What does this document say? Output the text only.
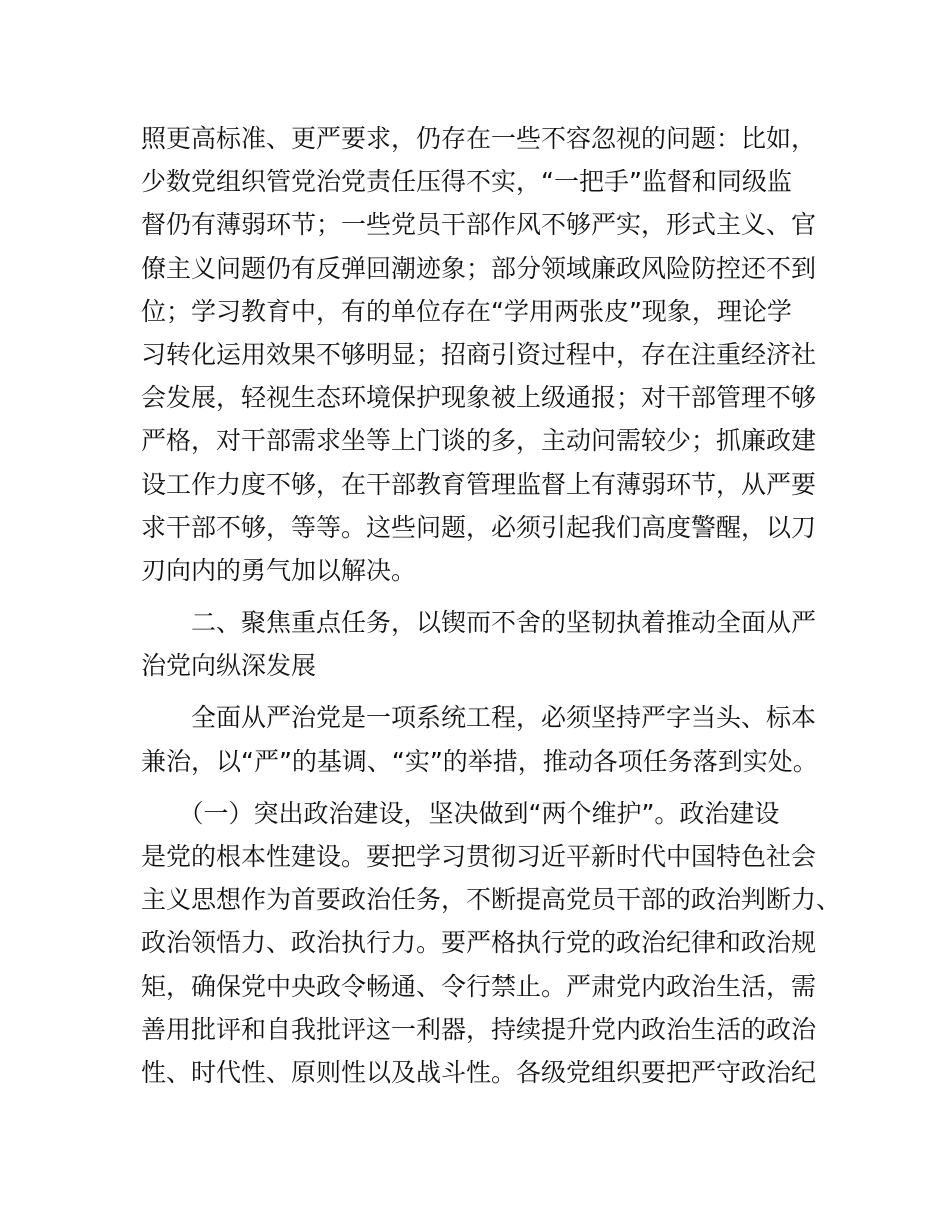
照更高标准、更严要求，仍存在一些不容忽视的问题：比如，
少数党组织管党治党责任压得不实，“一把手”监督和同级监
督仍有薄弱环节；一些党员干部作风不够严实，形式主义、官
僚主义问题仍有反弹回潮迹象；部分领域廉政风险防控还不到
位；学习教育中，有的单位存在“学用两张皮”现象，理论学
习转化运用效果不够明显；招商引资过程中，存在注重经济社
会发展，轻视生态环境保护现象被上级通报；对干部管理不够
严格，对干部需求坐等上门谈的多，主动问需较少；抓廉政建
设工作力度不够，在干部教育管理监督上有薄弱环节，从严要
求干部不够，等等。这些问题，必须引起我们高度警醒，以刀
刃向内的勇气加以解决。
　　二、聚焦重点任务，以锲而不舍的坚韧执着推动全面从严
治党向纵深发展
　　全面从严治党是一项系统工程，必须坚持严字当头、标本
兼治，以“严”的基调、“实”的举措，推动各项任务落到实处。
　　（一）突出政治建设，坚决做到“两个维护”。政治建设
是党的根本性建设。要把学习贯彻习近平新时代中国特色社会
主义思想作为首要政治任务，不断提高党员干部的政治判断力、
政治领悟力、政治执行力。要严格执行党的政治纪律和政治规
矩，确保党中央政令畅通、令行禁止。严肃党内政治生活，需
善用批评和自我批评这一利器，持续提升党内政治生活的政治
性、时代性、原则性以及战斗性。各级党组织要把严守政治纪
